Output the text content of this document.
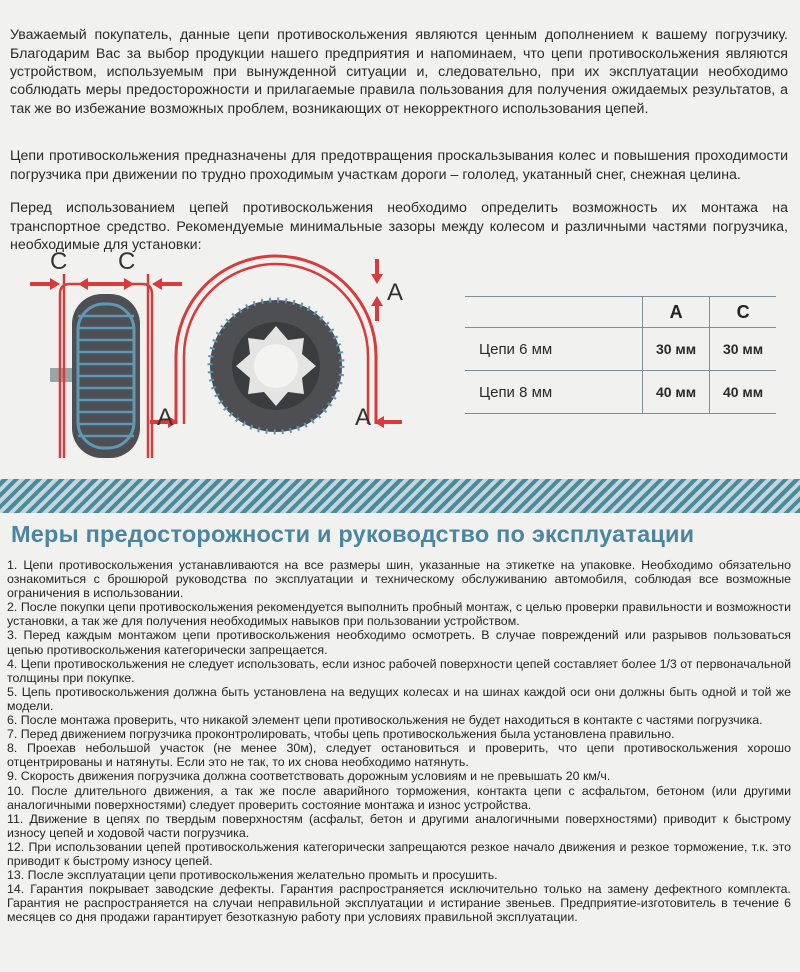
Уважаемый покупатель, данные цепи противоскольжения являются ценным дополнением к вашему погрузчику. Благодарим Вас за выбор продукции нашего предприятия и напоминаем, что цепи противоскольжения являются устройством, используемым при вынужденной ситуации и, следовательно, при их эксплуатации необходимо соблюдать меры предосторожности и прилагаемые правила пользования для получения ожидаемых результатов, а так же во избежание возможных проблем, возникающих от некорректного использования цепей.

Цепи противоскольжения предназначены для предотвращения проскальзывания колес и повышения проходимости погрузчика при движении по трудно проходимым участкам дороги – гололед, укатанный снег, снежная целина.

Перед использованием цепей противоскольжения необходимо определить возможность их монтажа на транспортное средство. Рекомендуемые минимальные зазоры между колесом и различными частями погрузчика, необходимые для установки:

C C
A
A	A
	A	C
Цепи 6 мм	30 мм	30 мм
Цепи 8 мм	40 мм	40 мм
Меры предосторожности и руководство по эксплуатации
1. Цепи противоскольжения устанавливаются на все размеры шин, указанные на этикетке на упаковке. Необходимо обязательно ознакомиться с брошюрой руководства по эксплуатации и техническому обслуживанию автомобиля, соблюдая все возможные ограничения в использовании.
2. После покупки цепи противоскольжения рекомендуется выполнить пробный монтаж, с целью проверки правильности и возможности установки, а так же для получения необходимых навыков при пользовании устройством.
3. Перед каждым монтажом цепи противоскольжения необходимо осмотреть. В случае повреждений или разрывов пользоваться цепью противоскольжения категорически запрещается.
4. Цепи противоскольжения не следует использовать, если износ рабочей поверхности цепей составляет более 1/3 от первоначальной толщины при покупке.
5. Цепь противоскольжения должна быть установлена на ведущих колесах и на шинах каждой оси они должны быть одной и той же модели.
6. После монтажа проверить, что никакой элемент цепи противоскольжения не будет находиться в контакте с частями погрузчика.
7. Перед движением погрузчика проконтролировать, чтобы цепь противоскольжения была установлена правильно.
8. Проехав небольшой участок (не менее 30м), следует остановиться и проверить, что цепи противоскольжения хорошо отцентрированы и натянуты. Если это не так, то их снова необходимо натянуть.
9. Скорость движения погрузчика должна соответствовать дорожным условиям и не превышать 20 км/ч.
10. После длительного движения, а так же после аварийного торможения, контакта цепи с асфальтом, бетоном (или другими аналогичными поверхностями) следует проверить состояние монтажа и износ устройства.
11. Движение в цепях по твердым поверхностям (асфальт, бетон и другими аналогичными поверхностями) приводит к быстрому износу цепей и ходовой части погрузчика.
12. При использовании цепей противоскольжения категорически запрещаются резкое начало движения и резкое торможение, т.к. это приводит к быстрому износу цепей.
13. После эксплуатации цепи противоскольжения желательно промыть и просушить.
14. Гарантия покрывает заводские дефекты. Гарантия распространяется исключительно только на замену дефектного комплекта. Гарантия не распространяется на случаи неправильной эксплуатации и истирание звеньев. Предприятие-изготовитель в течение 6 месяцев со дня продажи гарантирует безотказную работу при условиях правильной эксплуатации.
